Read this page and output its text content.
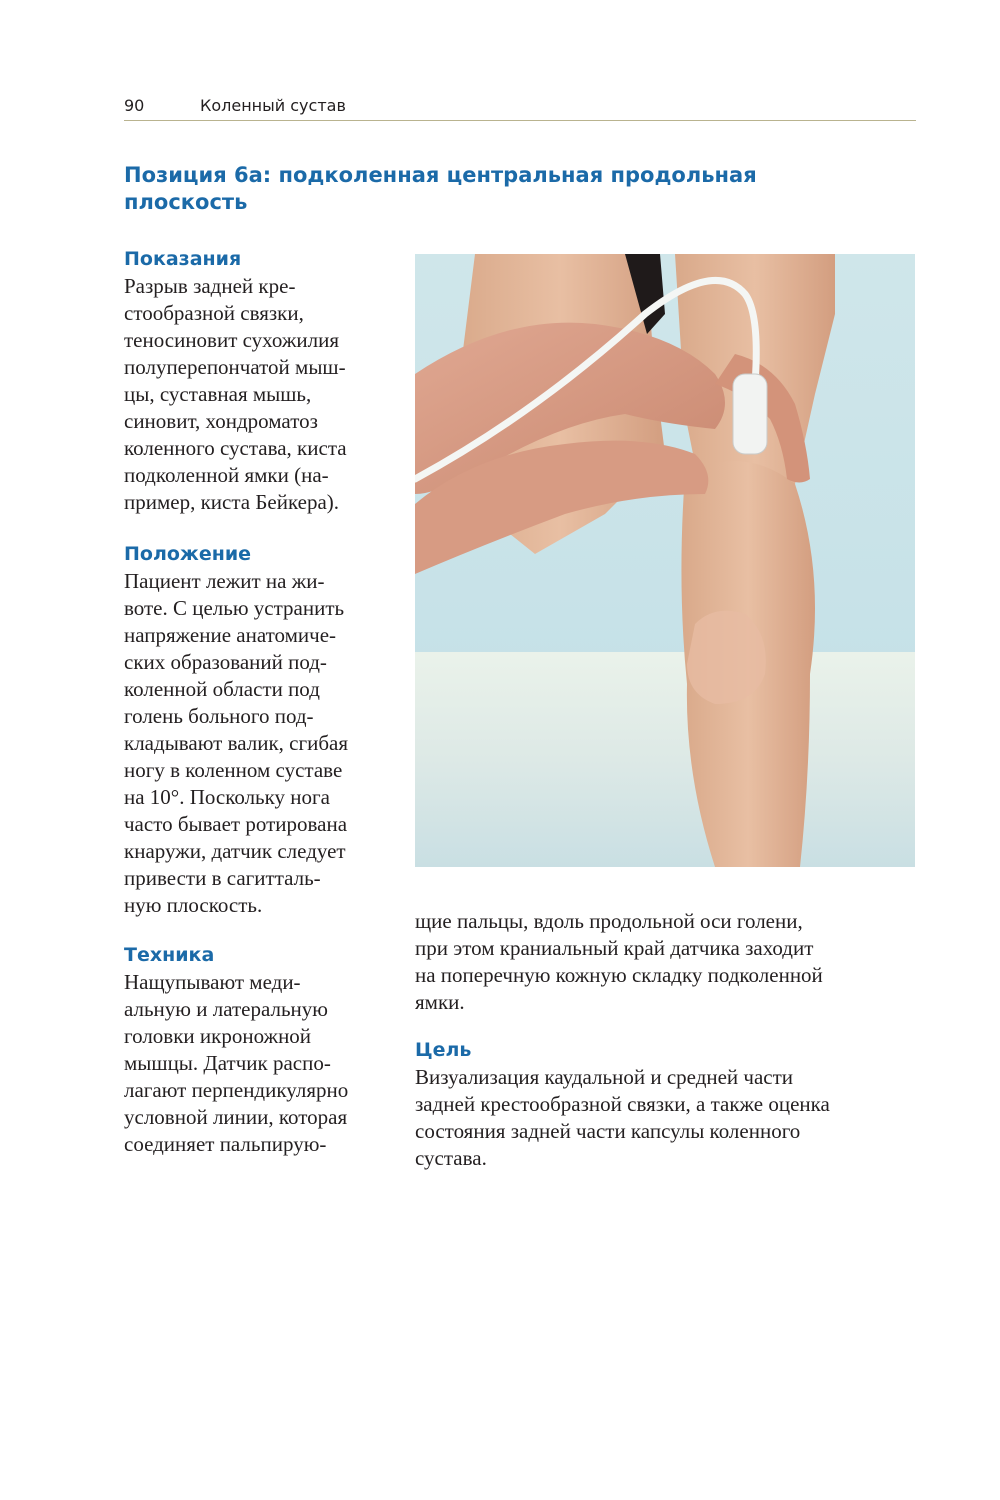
90	Коленный сустав
Позиция 6a: подколенная центральная продольная плоскость
Показания

Разрыв задней кре-
стообразной связки,
теносиновит сухожилия
полуперепончатой мыш-
цы, суставная мышь,
синовит, хондроматоз
коленного сустава, киста
подколенной ямки (на-
пример, киста Бейкера).

Положение

Пациент лежит на жи-
воте. С целью устранить
напряжение анатомиче-
ских образований под-
коленной области под
голень больного под-
кладывают валик, сгибая
ногу в коленном суставе
на 10°. Поскольку нога
часто бывает ротирована
кнаружи, датчик следует
привести в сагитталь-
ную плоскость.

Техника

Нащупывают меди-
альную и латеральную
головки икроножной
мышцы. Датчик распо-
лагают перпендикулярно
условной линии, которая
соединяет пальпирую-

щие пальцы, вдоль продольной оси голени,
при этом краниальный край датчика заходит
на поперечную кожную складку подколенной
ямки.

Цель

Визуализация каудальной и средней части
задней крестообразной связки, а также оценка
состояния задней части капсулы коленного
сустава.
